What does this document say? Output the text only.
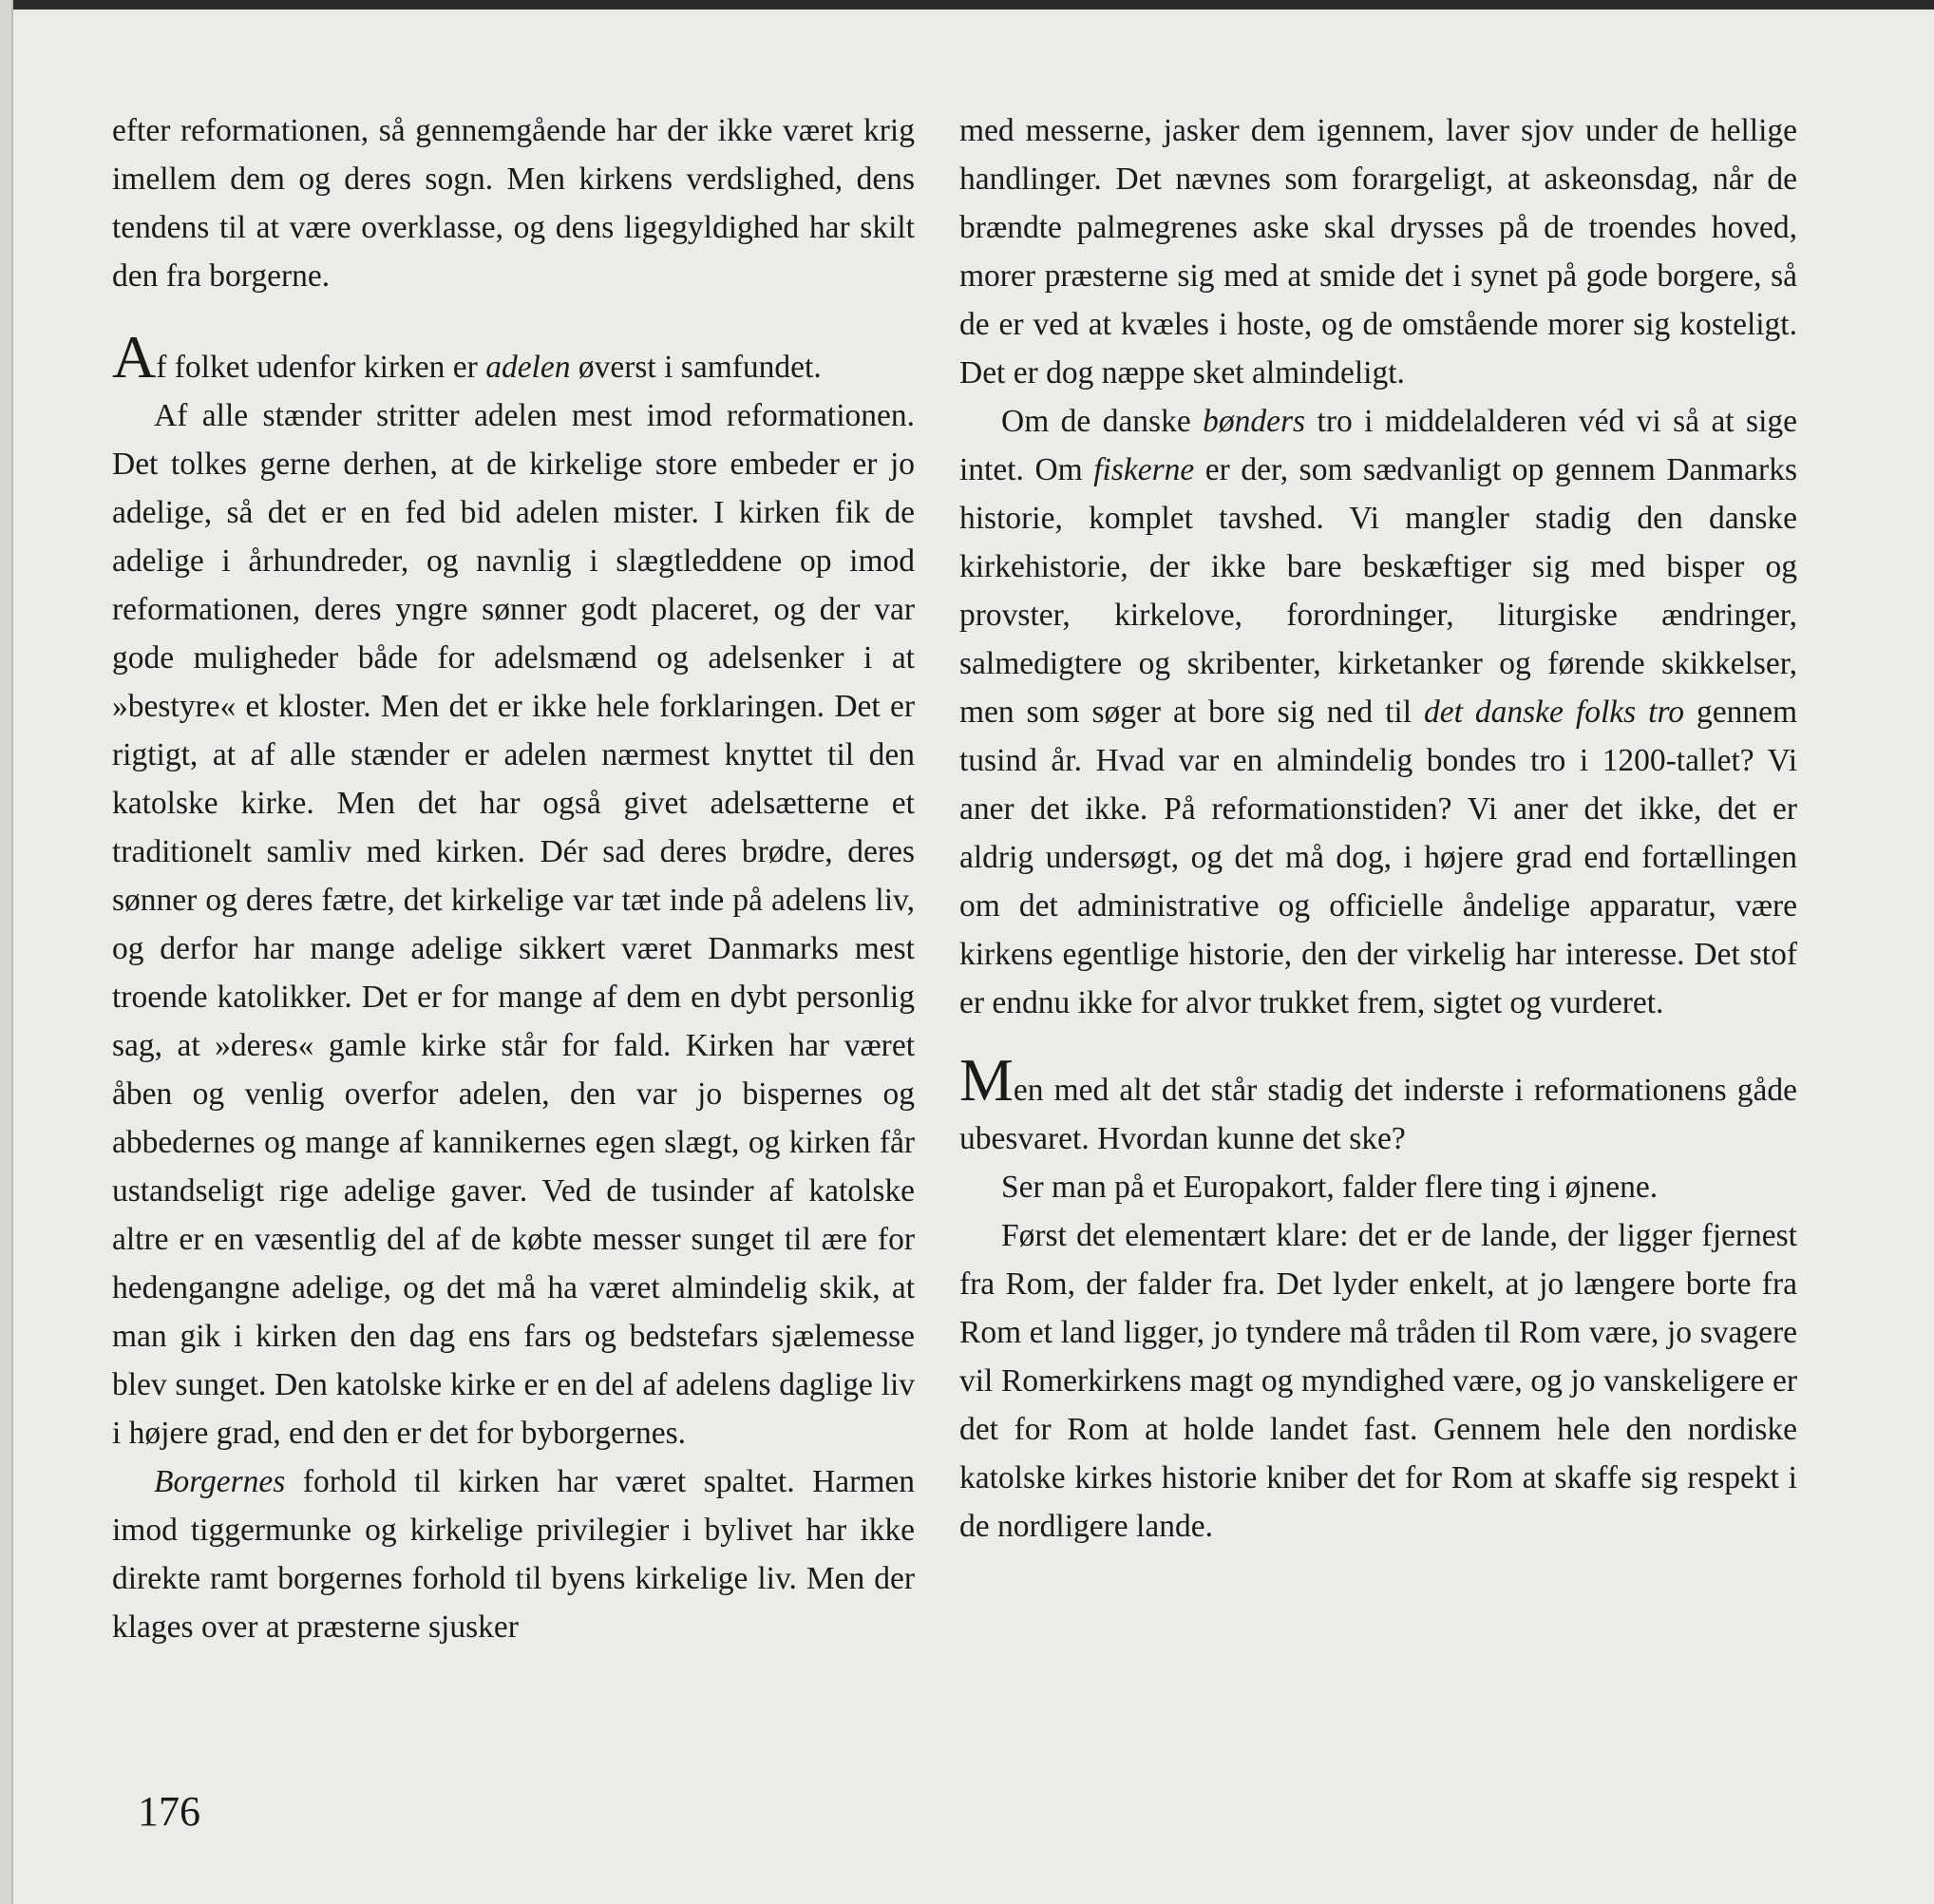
efter reformationen, så gennemgående har der ikke været krig imellem dem og deres sogn. Men kirkens verdslighed, dens tendens til at være overklasse, og dens ligegyldighed har skilt den fra borgerne.

Af folket udenfor kirken er adelen øverst i samfundet.

Af alle stænder stritter adelen mest imod reformationen. Det tolkes gerne derhen, at de kirkelige store embeder er jo adelige, så det er en fed bid adelen mister. I kirken fik de adelige i århundreder, og navnlig i slægtleddene op imod reformationen, deres yngre sønner godt placeret, og der var gode muligheder både for adelsmænd og adelsenker i at »bestyre« et kloster. Men det er ikke hele forklaringen. Det er rigtigt, at af alle stænder er adelen nærmest knyttet til den katolske kirke. Men det har også givet adelsætterne et traditionelt samliv med kirken. Dér sad deres brødre, deres sønner og deres fætre, det kirkelige var tæt inde på adelens liv, og derfor har mange adelige sikkert været Danmarks mest troende katolikker. Det er for mange af dem en dybt personlig sag, at »deres« gamle kirke står for fald. Kirken har været åben og venlig overfor adelen, den var jo bispernes og abbedernes og mange af kannikernes egen slægt, og kirken får ustandseligt rige adelige gaver. Ved de tusinder af katolske altre er en væsentlig del af de købte messer sunget til ære for hedengangne adelige, og det må ha været almindelig skik, at man gik i kirken den dag ens fars og bedstefars sjælemesse blev sunget. Den katolske kirke er en del af adelens daglige liv i højere grad, end den er det for byborgernes.

Borgernes forhold til kirken har været spaltet. Harmen imod tiggermunke og kirkelige privilegier i bylivet har ikke direkte ramt borgernes forhold til byens kirkelige liv. Men der klages over at præsterne sjusker

med messerne, jasker dem igennem, laver sjov under de hellige handlinger. Det nævnes som forargeligt, at askeonsdag, når de brændte palmegrenes aske skal drysses på de troendes hoved, morer præsterne sig med at smide det i synet på gode borgere, så de er ved at kvæles i hoste, og de omstående morer sig kosteligt. Det er dog næppe sket almindeligt.

Om de danske bønders tro i middelalderen véd vi så at sige intet. Om fiskerne er der, som sædvanligt op gennem Danmarks historie, komplet tavshed. Vi mangler stadig den danske kirkehistorie, der ikke bare beskæftiger sig med bisper og provster, kirkelove, forordninger, liturgiske ændringer, salmedigtere og skribenter, kirketanker og førende skikkelser, men som søger at bore sig ned til det danske folks tro gennem tusind år. Hvad var en almindelig bondes tro i 1200-tallet? Vi aner det ikke. På reformationstiden? Vi aner det ikke, det er aldrig undersøgt, og det må dog, i højere grad end fortællingen om det administrative og officielle åndelige apparatur, være kirkens egentlige historie, den der virkelig har interesse. Det stof er endnu ikke for alvor trukket frem, sigtet og vurderet.

Men med alt det står stadig det inderste i reformationens gåde ubesvaret. Hvordan kunne det ske?

Ser man på et Europakort, falder flere ting i øjnene.

Først det elementært klare: det er de lande, der ligger fjernest fra Rom, der falder fra. Det lyder enkelt, at jo længere borte fra Rom et land ligger, jo tyndere må tråden til Rom være, jo svagere vil Romerkirkens magt og myndighed være, og jo vanskeligere er det for Rom at holde landet fast. Gennem hele den nordiske katolske kirkes historie kniber det for Rom at skaffe sig respekt i de nordligere lande.

176
